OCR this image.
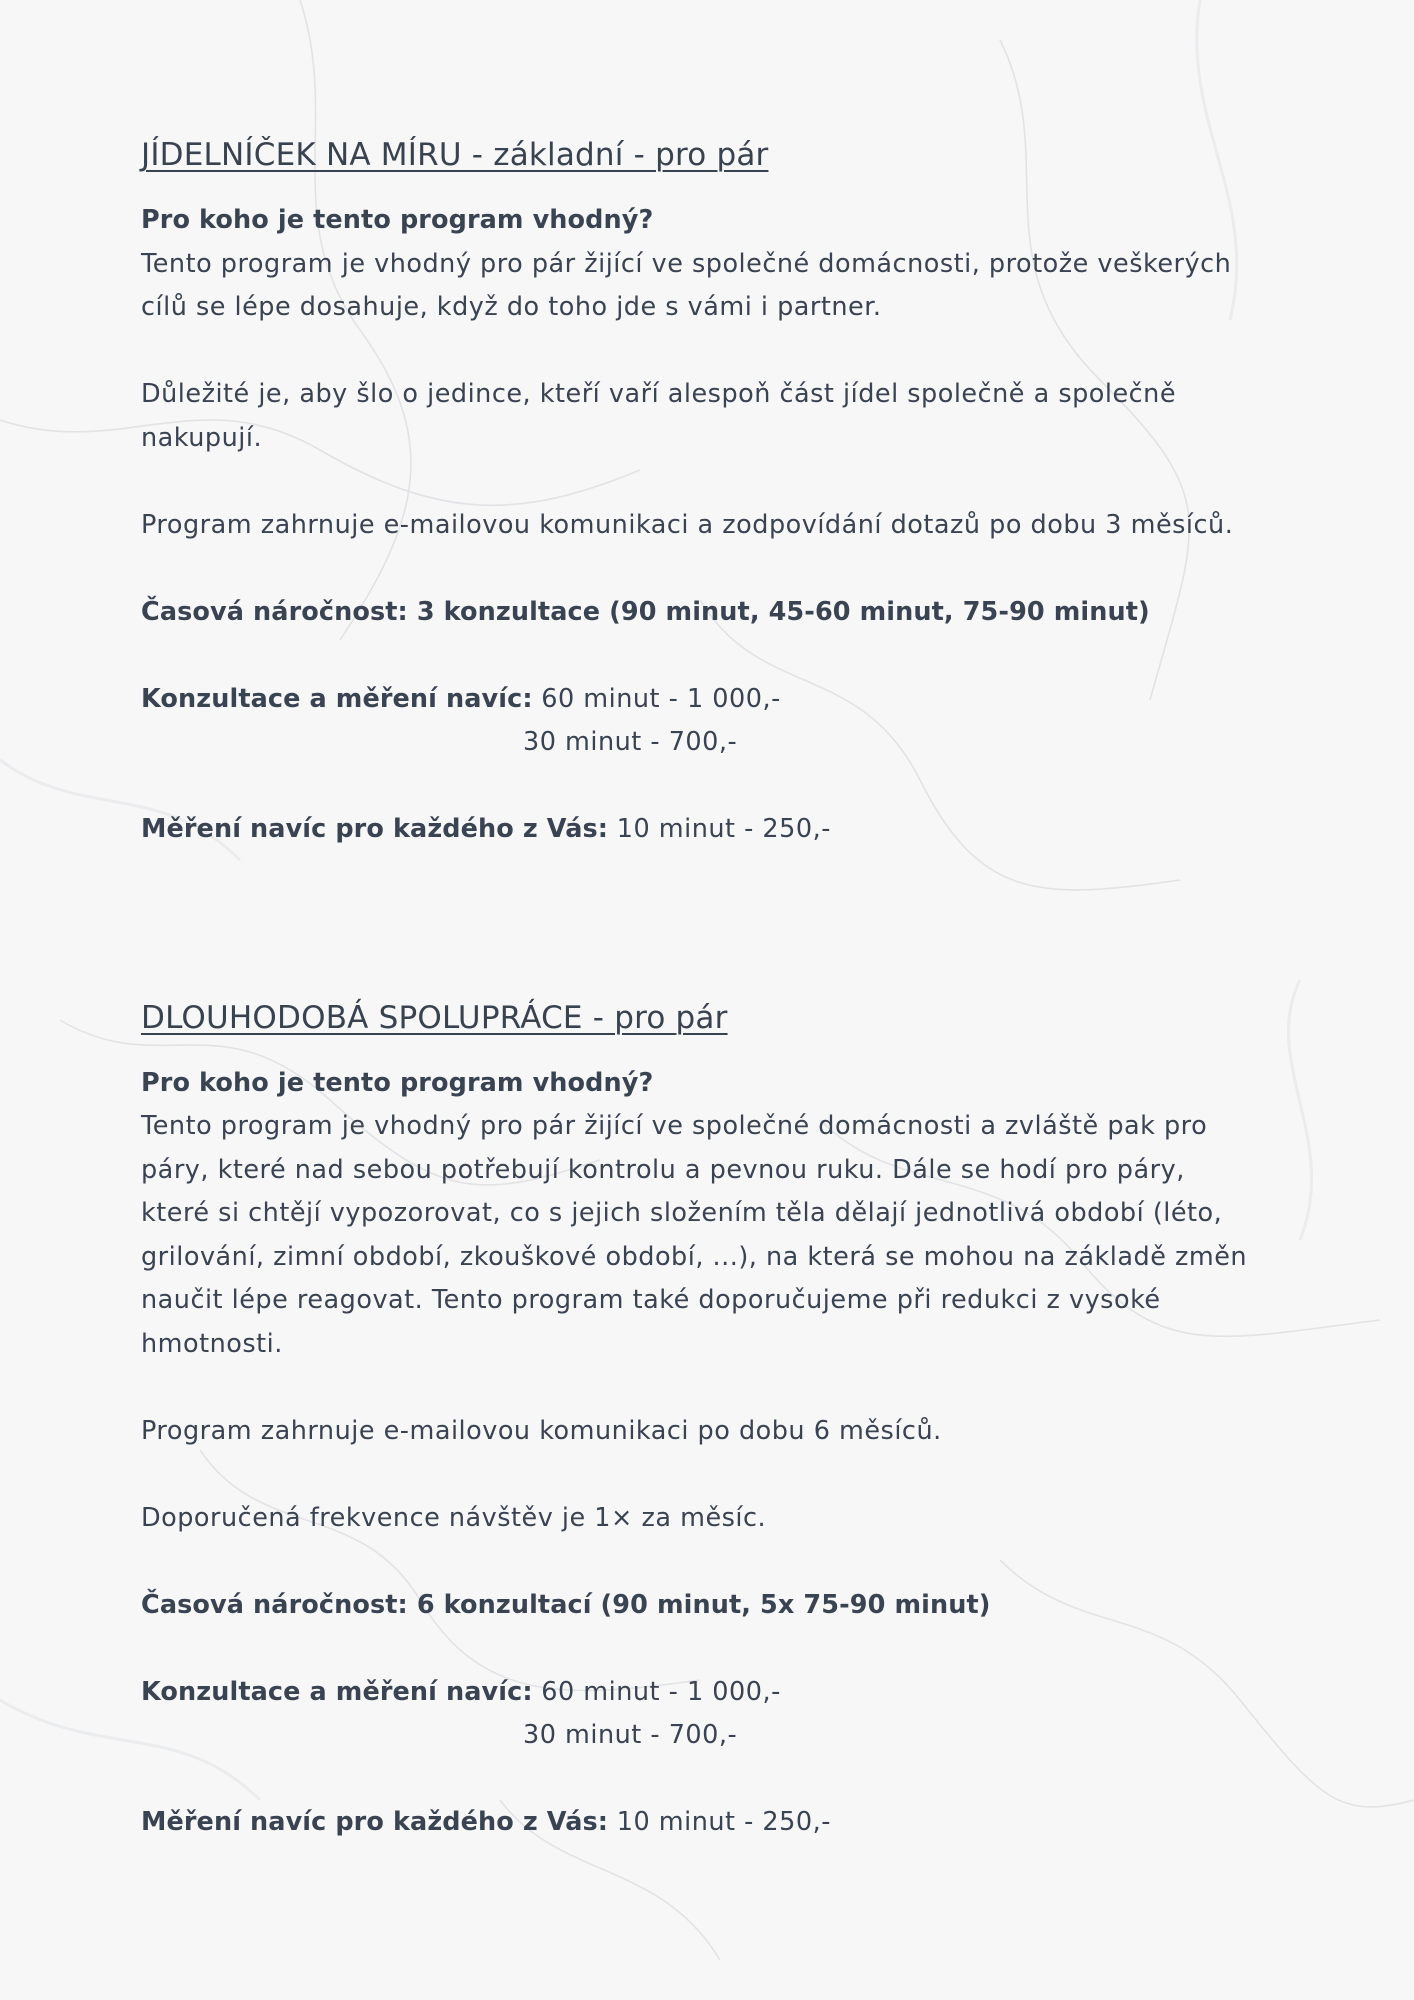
JÍDELNÍČEK NA MÍRU - základní - pro pár

Pro koho je tento program vhodný?

Tento program je vhodný pro pár žijící ve společné domácnosti, protože veškerých

cílů se lépe dosahuje, když do toho jde s vámi i partner.

Důležité je, aby šlo o jedince, kteří vaří alespoň část jídel společně a společně

nakupují.

Program zahrnuje e-mailovou komunikaci a zodpovídání dotazů po dobu 3 měsíců.

Časová náročnost: 3 konzultace (90 minut, 45-60 minut, 75-90 minut)

Konzultace a měření navíc: 60 minut - 1 000,-

30 minut - 700,-

Měření navíc pro každého z Vás: 10 minut - 250,-

DLOUHODOBÁ SPOLUPRÁCE - pro pár

Pro koho je tento program vhodný?

Tento program je vhodný pro pár žijící ve společné domácnosti a zvláště pak pro

páry, které nad sebou potřebují kontrolu a pevnou ruku. Dále se hodí pro páry,

které si chtějí vypozorovat, co s jejich složením těla dělají jednotlivá období (léto,

grilování, zimní období, zkouškové období, ...), na která se mohou na základě změn

naučit lépe reagovat. Tento program také doporučujeme při redukci z vysoké

hmotnosti.

Program zahrnuje e-mailovou komunikaci po dobu 6 měsíců.

Doporučená frekvence návštěv je 1× za měsíc.

Časová náročnost: 6 konzultací (90 minut, 5x 75-90 minut)

Konzultace a měření navíc: 60 minut - 1 000,-

30 minut - 700,-

Měření navíc pro každého z Vás: 10 minut - 250,-
